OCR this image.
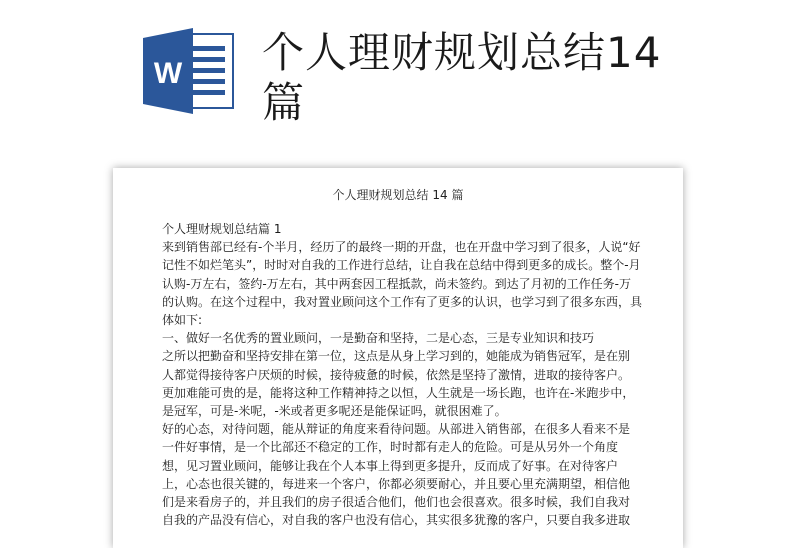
W 个人理财规划总结14篇
个人理财规划总结 14 篇

个人理财规划总结篇 1

来到销售部已经有-个半月，经历了的最终一期的开盘，也在开盘中学习到了很多，人说“好

记性不如烂笔头”，时时对自我的工作进行总结，让自我在总结中得到更多的成长。整个-月

认购-万左右，签约-万左右，其中两套因工程抵款，尚未签约。到达了月初的工作任务-万

的认购。在这个过程中，我对置业顾问这个工作有了更多的认识，也学习到了很多东西，具

体如下:

一、做好一名优秀的置业顾问，一是勤奋和坚持，二是心态，三是专业知识和技巧

之所以把勤奋和坚持安排在第一位，这点是从身上学习到的，她能成为销售冠军，是在别

人都觉得接待客户厌烦的时候，接待疲惫的时候，依然是坚持了激情，进取的接待客户。

更加难能可贵的是，能将这种工作精神持之以恒，人生就是一场长跑，也许在-米跑步中，

是冠军，可是-米呢，-米或者更多呢还是能保证吗，就很困难了。

好的心态，对待问题，能从辩证的角度来看待问题。从部进入销售部，在很多人看来不是

一件好事情，是一个比部还不稳定的工作，时时都有走人的危险。可是从另外一个角度

想，见习置业顾问，能够让我在个人本事上得到更多提升，反而成了好事。在对待客户

上，心态也很关键的，每进来一个客户，你都必须要耐心，并且要心里充满期望，相信他

们是来看房子的，并且我们的房子很适合他们，他们也会很喜欢。很多时候，我们自我对

自我的产品没有信心，对自我的客户也没有信心，其实很多犹豫的客户，只要自我多进取
